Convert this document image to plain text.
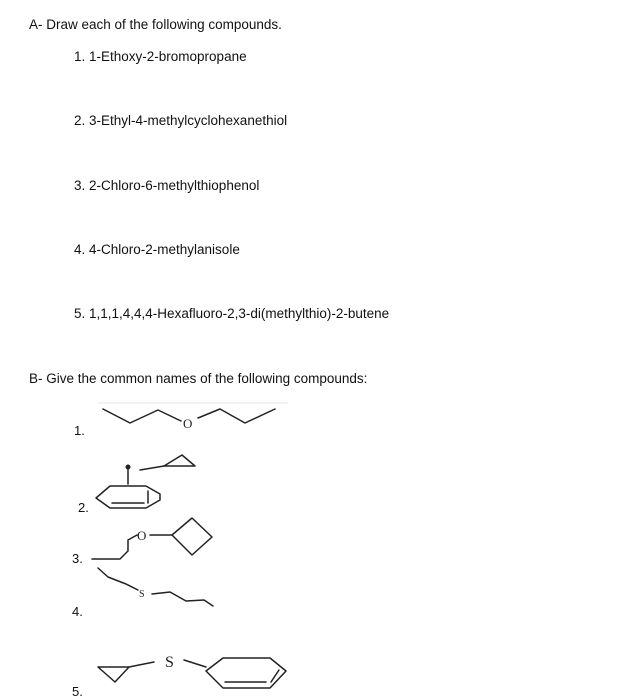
A- Draw each of the following compounds.
1. 1-Ethoxy-2-bromopropane
2. 3-Ethyl-4-methylcyclohexanethiol
3. 2-Chloro-6-methylthiophenol
4. 4-Chloro-2-methylanisole
5. 1,1,1,4,4,4-Hexafluoro-2,3-di(methylthio)-2-butene
B- Give the common names of the following compounds:
1.
2.
3.
4.
5.
O
O
S
S
